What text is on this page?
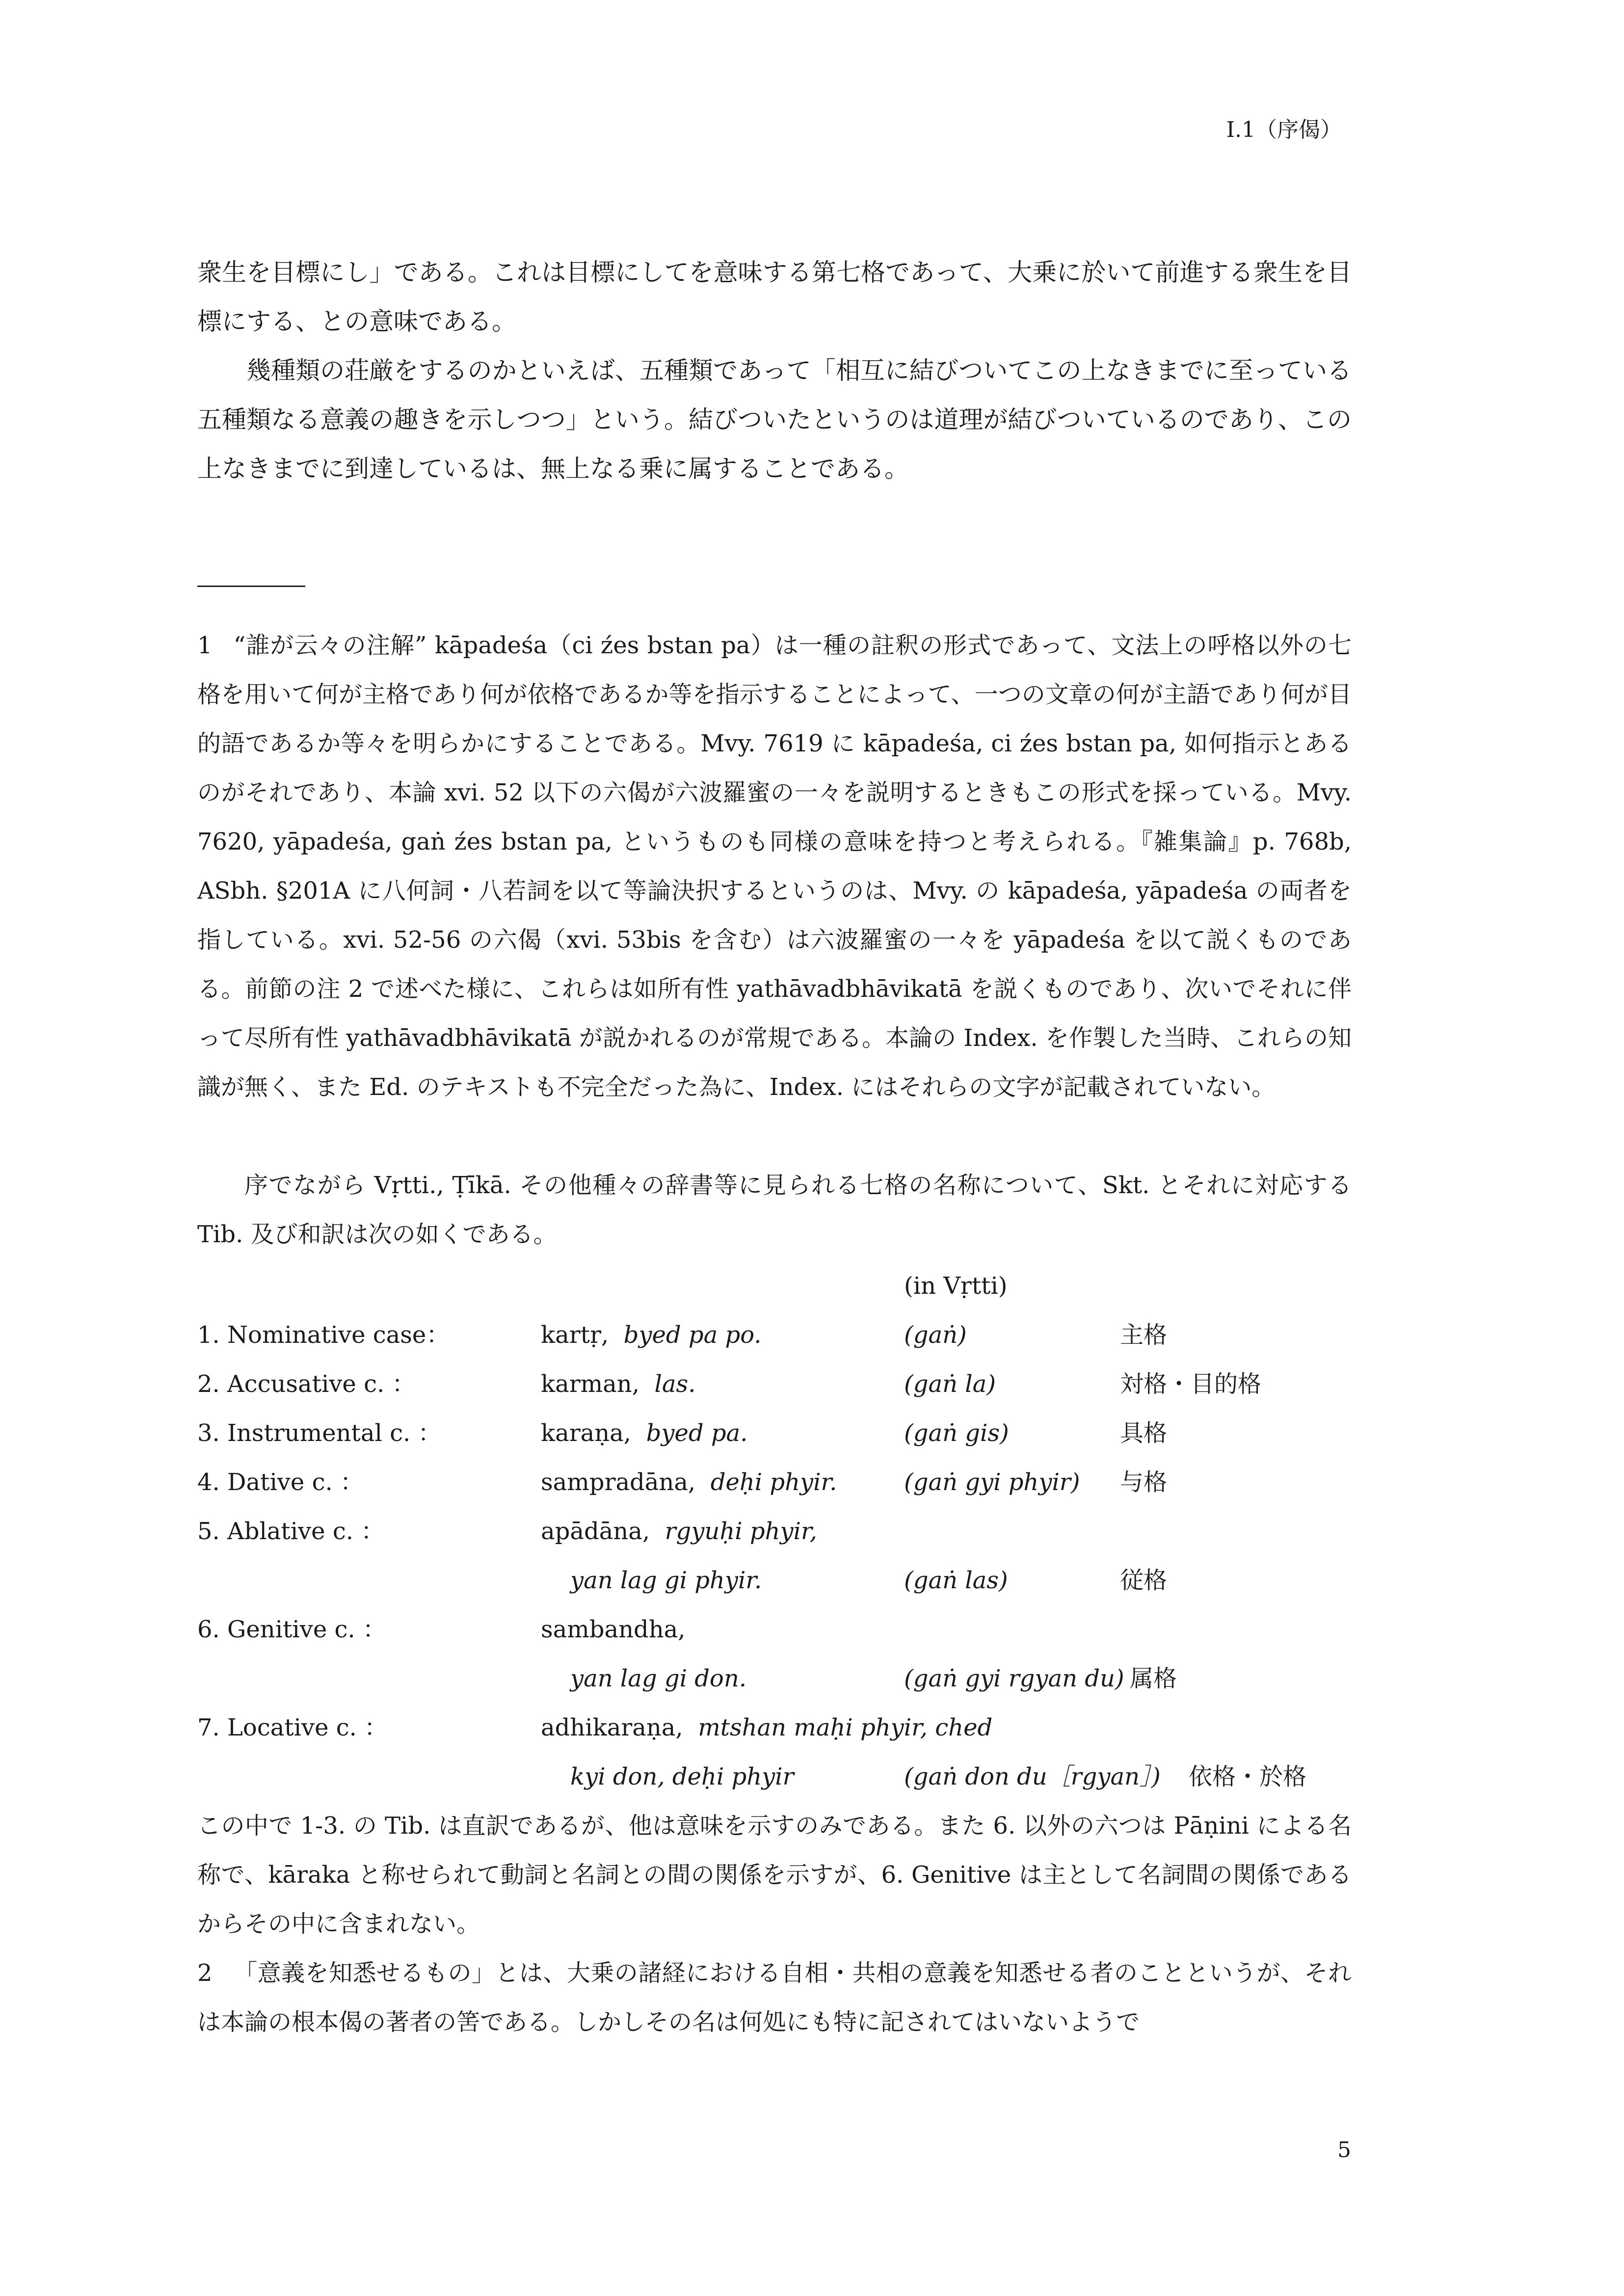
I.1（序偈）
衆生を目標にし」である。これは目標にしてを意味する第七格であって、大乗に於いて前進する衆生を目標にする、との意味である。
幾種類の荘厳をするのかといえば、五種類であって「相互に結びついてこの上なきまでに至っている五種類なる意義の趣きを示しつつ」という。結びついたというのは道理が結びついているのであり、この上なきまでに到達しているは、無上なる乗に属することである。
1 “誰が云々の注解” kāpadeśa（ci źes bstan pa）は一種の註釈の形式であって、文法上の呼格以外の七格を用いて何が主格であり何が依格であるか等を指示することによって、一つの文章の何が主語であり何が目的語であるか等々を明らかにすることである。Mvy. 7619 に kāpadeśa, ci źes bstan pa, 如何指示とあるのがそれであり、本論 xvi. 52 以下の六偈が六波羅蜜の一々を説明するときもこの形式を採っている。Mvy. 7620, yāpadeśa, gaṅ źes bstan pa, というものも同様の意味を持つと考えられる。『雑集論』p. 768b, ASbh. §201A に八何詞・八若詞を以て等論決択するというのは、Mvy. の kāpadeśa, yāpadeśa の両者を指している。xvi. 52-56 の六偈（xvi. 53bis を含む）は六波羅蜜の一々を yāpadeśa を以て説くものである。前節の注 2 で述べた様に、これらは如所有性 yathāvadbhāvikatā を説くものであり、次いでそれに伴って尽所有性 yathāvadbhāvikatā が説かれるのが常規である。本論の Index. を作製した当時、これらの知識が無く、また Ed. のテキストも不完全だった為に、Index. にはそれらの文字が記載されていない。
序でながら Vṛtti., Ṭīkā. その他種々の辞書等に見られる七格の名称について、Skt. とそれに対応する Tib. 及び和訳は次の如くである。
(in Vṛtti)
1. Nominative case：	kartṛ, byed pa po.	(gaṅ)	主格
2. Accusative c. ：	karman, las.	(gaṅ la)	対格・目的格
3. Instrumental c. ：	karaṇa, byed pa.	(gaṅ gis)	具格
4. Dative c. ：	sampradāna, deḥi phyir.	(gaṅ gyi phyir) 与格
5. Ablative c. ：	apādāna, rgyuḥi phyir,
yan lag gi phyir.	(gaṅ las)	従格
6. Genitive c. ：	sambandha,
yan lag gi don.	(gaṅ gyi rgyan du) 属格
7. Locative c. ：	adhikaraṇa, mtshan maḥi phyir, ched
kyi don, deḥi phyir	(gaṅ don du［rgyan］) 依格・於格
この中で 1-3. の Tib. は直訳であるが、他は意味を示すのみである。また 6. 以外の六つは Pāṇini による名称で、kāraka と称せられて動詞と名詞との間の関係を示すが、6. Genitive は主として名詞間の関係であるからその中に含まれない。
2 「意義を知悉せるもの」とは、大乗の諸経における自相・共相の意義を知悉せる者のことというが、それは本論の根本偈の著者の筈である。しかしその名は何処にも特に記されてはいないようで
5
